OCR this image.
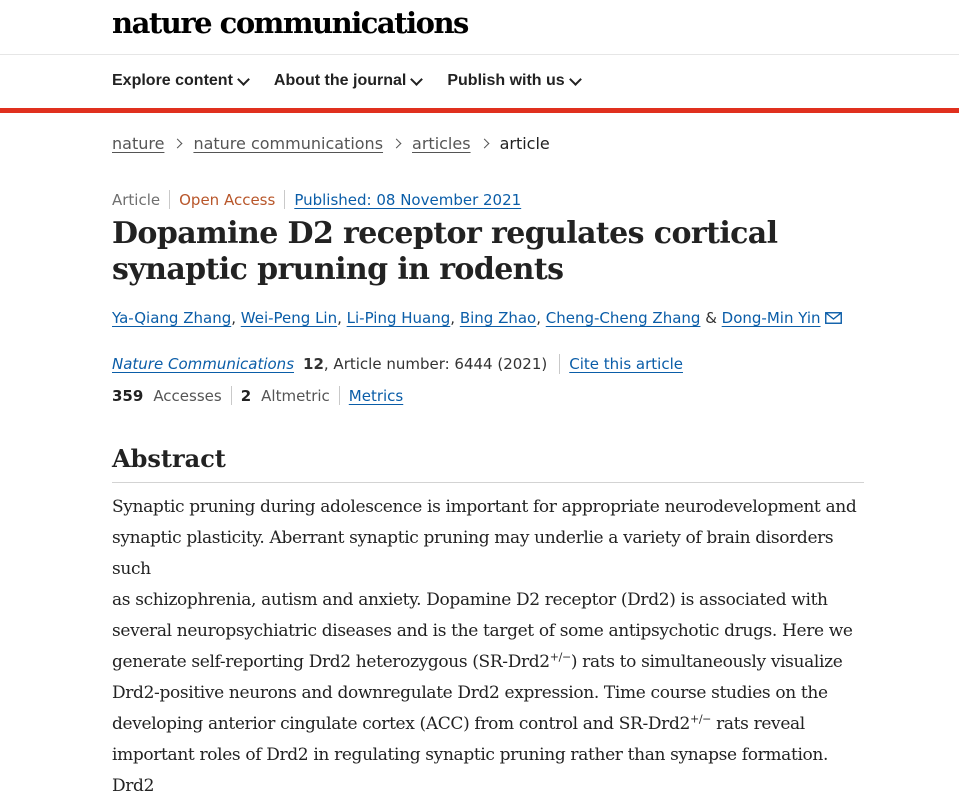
nature communications
Explore content	About the journal	Publish with us
nature nature communications articles article
Article Open Access Published: 08 November 2021
Dopamine D2 receptor regulates cortical synaptic pruning in rodents
Ya-Qiang Zhang, Wei-Peng Lin, Li-Ping Huang, Bing Zhao, Cheng-Cheng Zhang & Dong-Min Yin
Nature Communications 12 , Article number: 6444 (2021) Cite this article
359 Accesses 2 Altmetric Metrics
Abstract

Synaptic pruning during adolescence is important for appropriate neurodevelopment and
synaptic plasticity. Aberrant synaptic pruning may underlie a variety of brain disorders such
as schizophrenia, autism and anxiety. Dopamine D2 receptor (Drd2) is associated with
several neuropsychiatric diseases and is the target of some antipsychotic drugs. Here we
generate self-reporting Drd2 heterozygous (SR-Drd2+/−) rats to simultaneously visualize
Drd2-positive neurons and downregulate Drd2 expression. Time course studies on the
developing anterior cingulate cortex (ACC) from control and SR-Drd2+/− rats reveal
important roles of Drd2 in regulating synaptic pruning rather than synapse formation. Drd2
